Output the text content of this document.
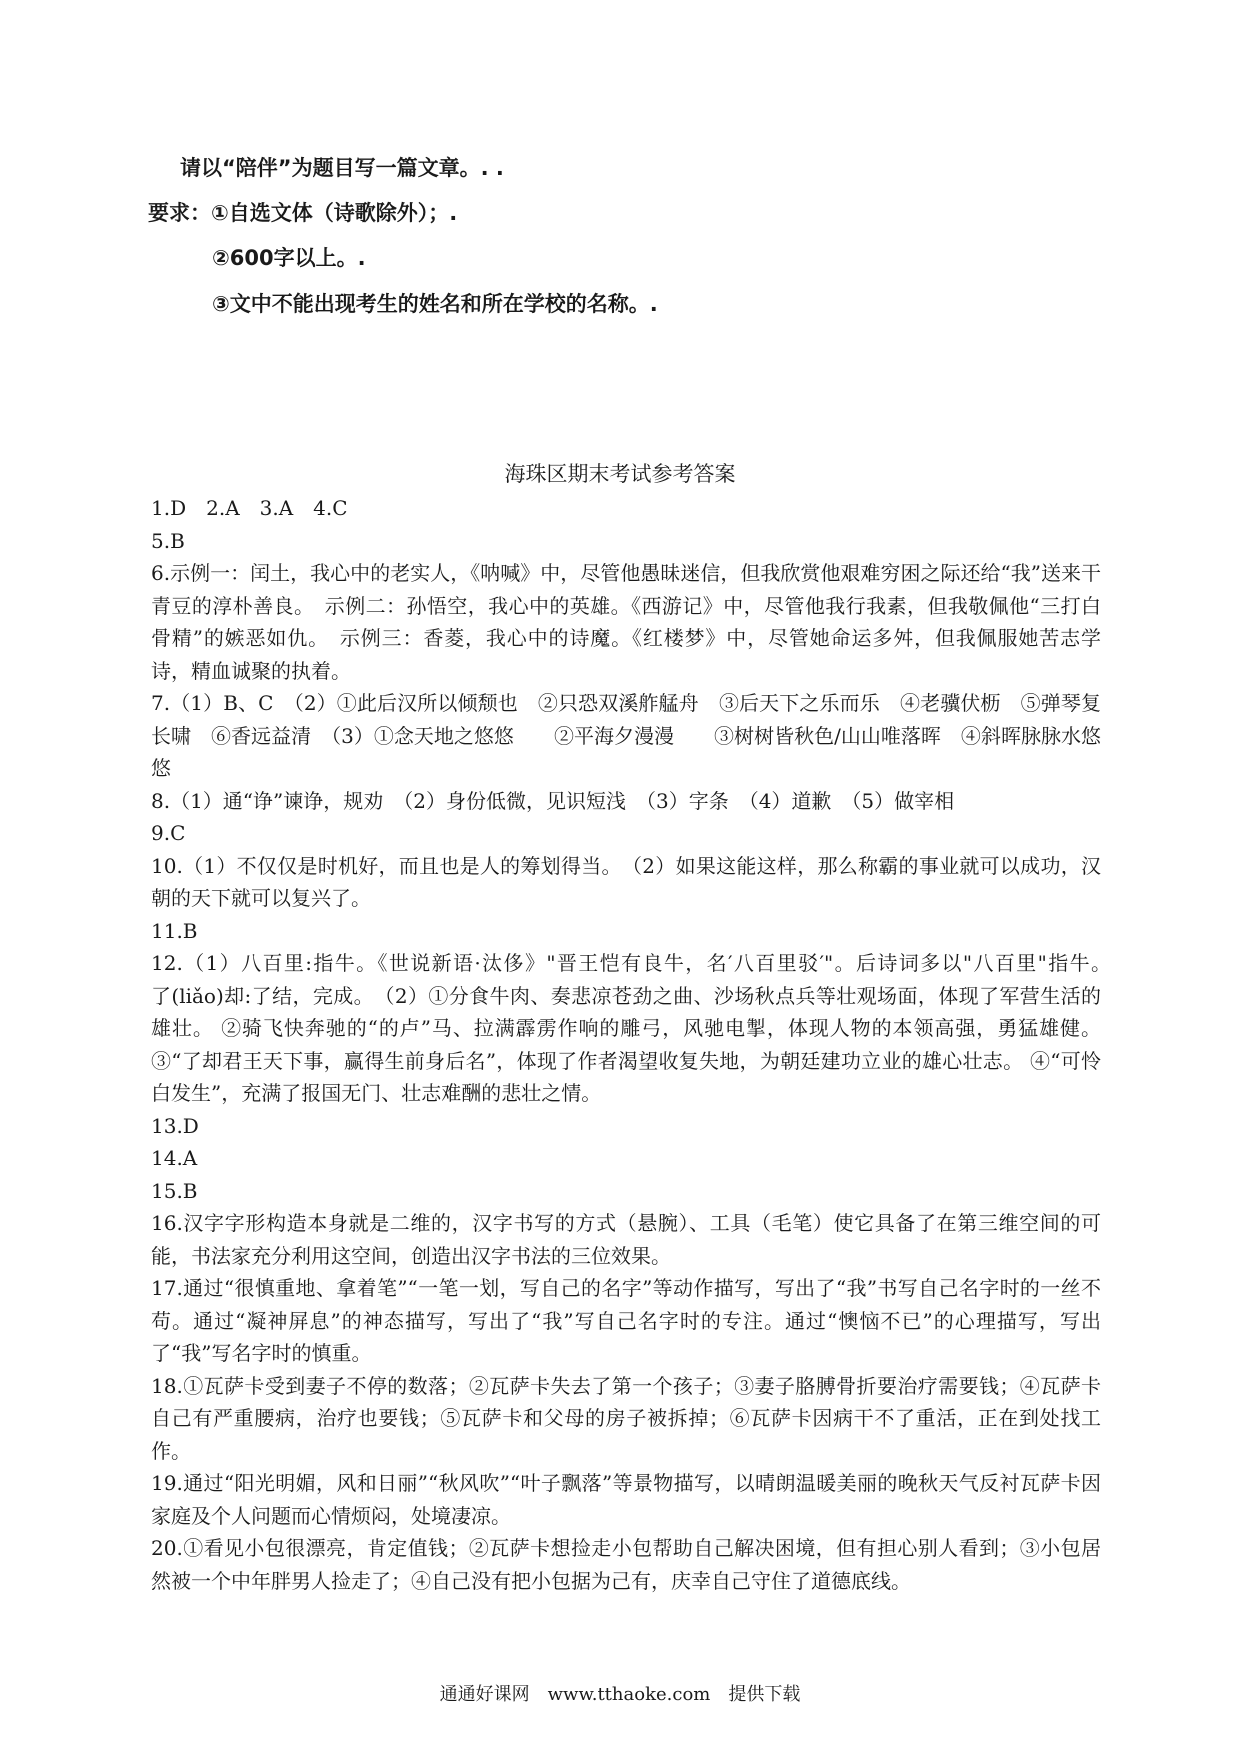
请以“陪伴”为题目写一篇文章。. .
要求：①自选文体（诗歌除外）；.
②600字以上。.
③文中不能出现考生的姓名和所在学校的名称。.
海珠区期末考试参考答案

1.D　2.A　3.A　4.C

5.B

6.示例一：闰土，我心中的老实人，《呐喊》中，尽管他愚昧迷信，但我欣赏他艰难穷困之际还给“我”送来干青豆的淳朴善良。　示例二：孙悟空，我心中的英雄。《西游记》中，尽管他我行我素，但我敬佩他“三打白骨精”的嫉恶如仇。　示例三：香菱，我心中的诗魔。《红楼梦》中，尽管她命运多舛，但我佩服她苦志学诗，精血诚聚的执着。

7.（1）B、C　（2）①此后汉所以倾颓也　②只恐双溪舴艋舟　③后天下之乐而乐　④老骥伏枥　⑤弹琴复长啸　⑥香远益清　（3）①念天地之悠悠　　②平海夕漫漫　　③树树皆秋色/山山唯落晖　④斜晖脉脉水悠悠

8.（1）通“诤”谏诤，规劝　（2）身份低微，见识短浅　（3）字条　（4）道歉　（5）做宰相

9.C

10.（1）不仅仅是时机好，而且也是人的筹划得当。　（2）如果这能这样，那么称霸的事业就可以成功，汉朝的天下就可以复兴了。

11.B

12.（1）八百里:指牛。《世说新语·汰侈》"晋王恺有良牛，名′八百里驳′"。后诗词多以"八百里"指牛。　　　　了(liǎo)却:了结，完成。　（2）①分食牛肉、奏悲凉苍劲之曲、沙场秋点兵等壮观场面，体现了军营生活的雄壮。 ②骑飞快奔驰的“的卢”马、拉满霹雳作响的雕弓，风驰电掣，体现人物的本领高强，勇猛雄健。 ③“了却君王天下事，赢得生前身后名”，体现了作者渴望收复失地，为朝廷建功立业的雄心壮志。 ④“可怜白发生”，充满了报国无门、壮志难酬的悲壮之情。

13.D

14.A

15.B

16.汉字字形构造本身就是二维的，汉字书写的方式（悬腕）、工具（毛笔）使它具备了在第三维空间的可能，书法家充分利用这空间，创造出汉字书法的三位效果。

17.通过“很慎重地、拿着笔”“一笔一划，写自己的名字”等动作描写，写出了“我”书写自己名字时的一丝不苟。通过“凝神屏息”的神态描写，写出了“我”写自己名字时的专注。通过“懊恼不已”的心理描写，写出了“我”写名字时的慎重。

18.①瓦萨卡受到妻子不停的数落；②瓦萨卡失去了第一个孩子；③妻子胳膊骨折要治疗需要钱；④瓦萨卡自己有严重腰病，治疗也要钱；⑤瓦萨卡和父母的房子被拆掉；⑥瓦萨卡因病干不了重活，正在到处找工作。

19.通过“阳光明媚，风和日丽”“秋风吹”“叶子飘落”等景物描写，以晴朗温暖美丽的晚秋天气反衬瓦萨卡因家庭及个人问题而心情烦闷，处境凄凉。

20.①看见小包很漂亮，肯定值钱；②瓦萨卡想捡走小包帮助自己解决困境，但有担心别人看到；③小包居然被一个中年胖男人捡走了；④自己没有把小包据为己有，庆幸自己守住了道德底线。

通通好课网　www.tthaoke.com　提供下载
